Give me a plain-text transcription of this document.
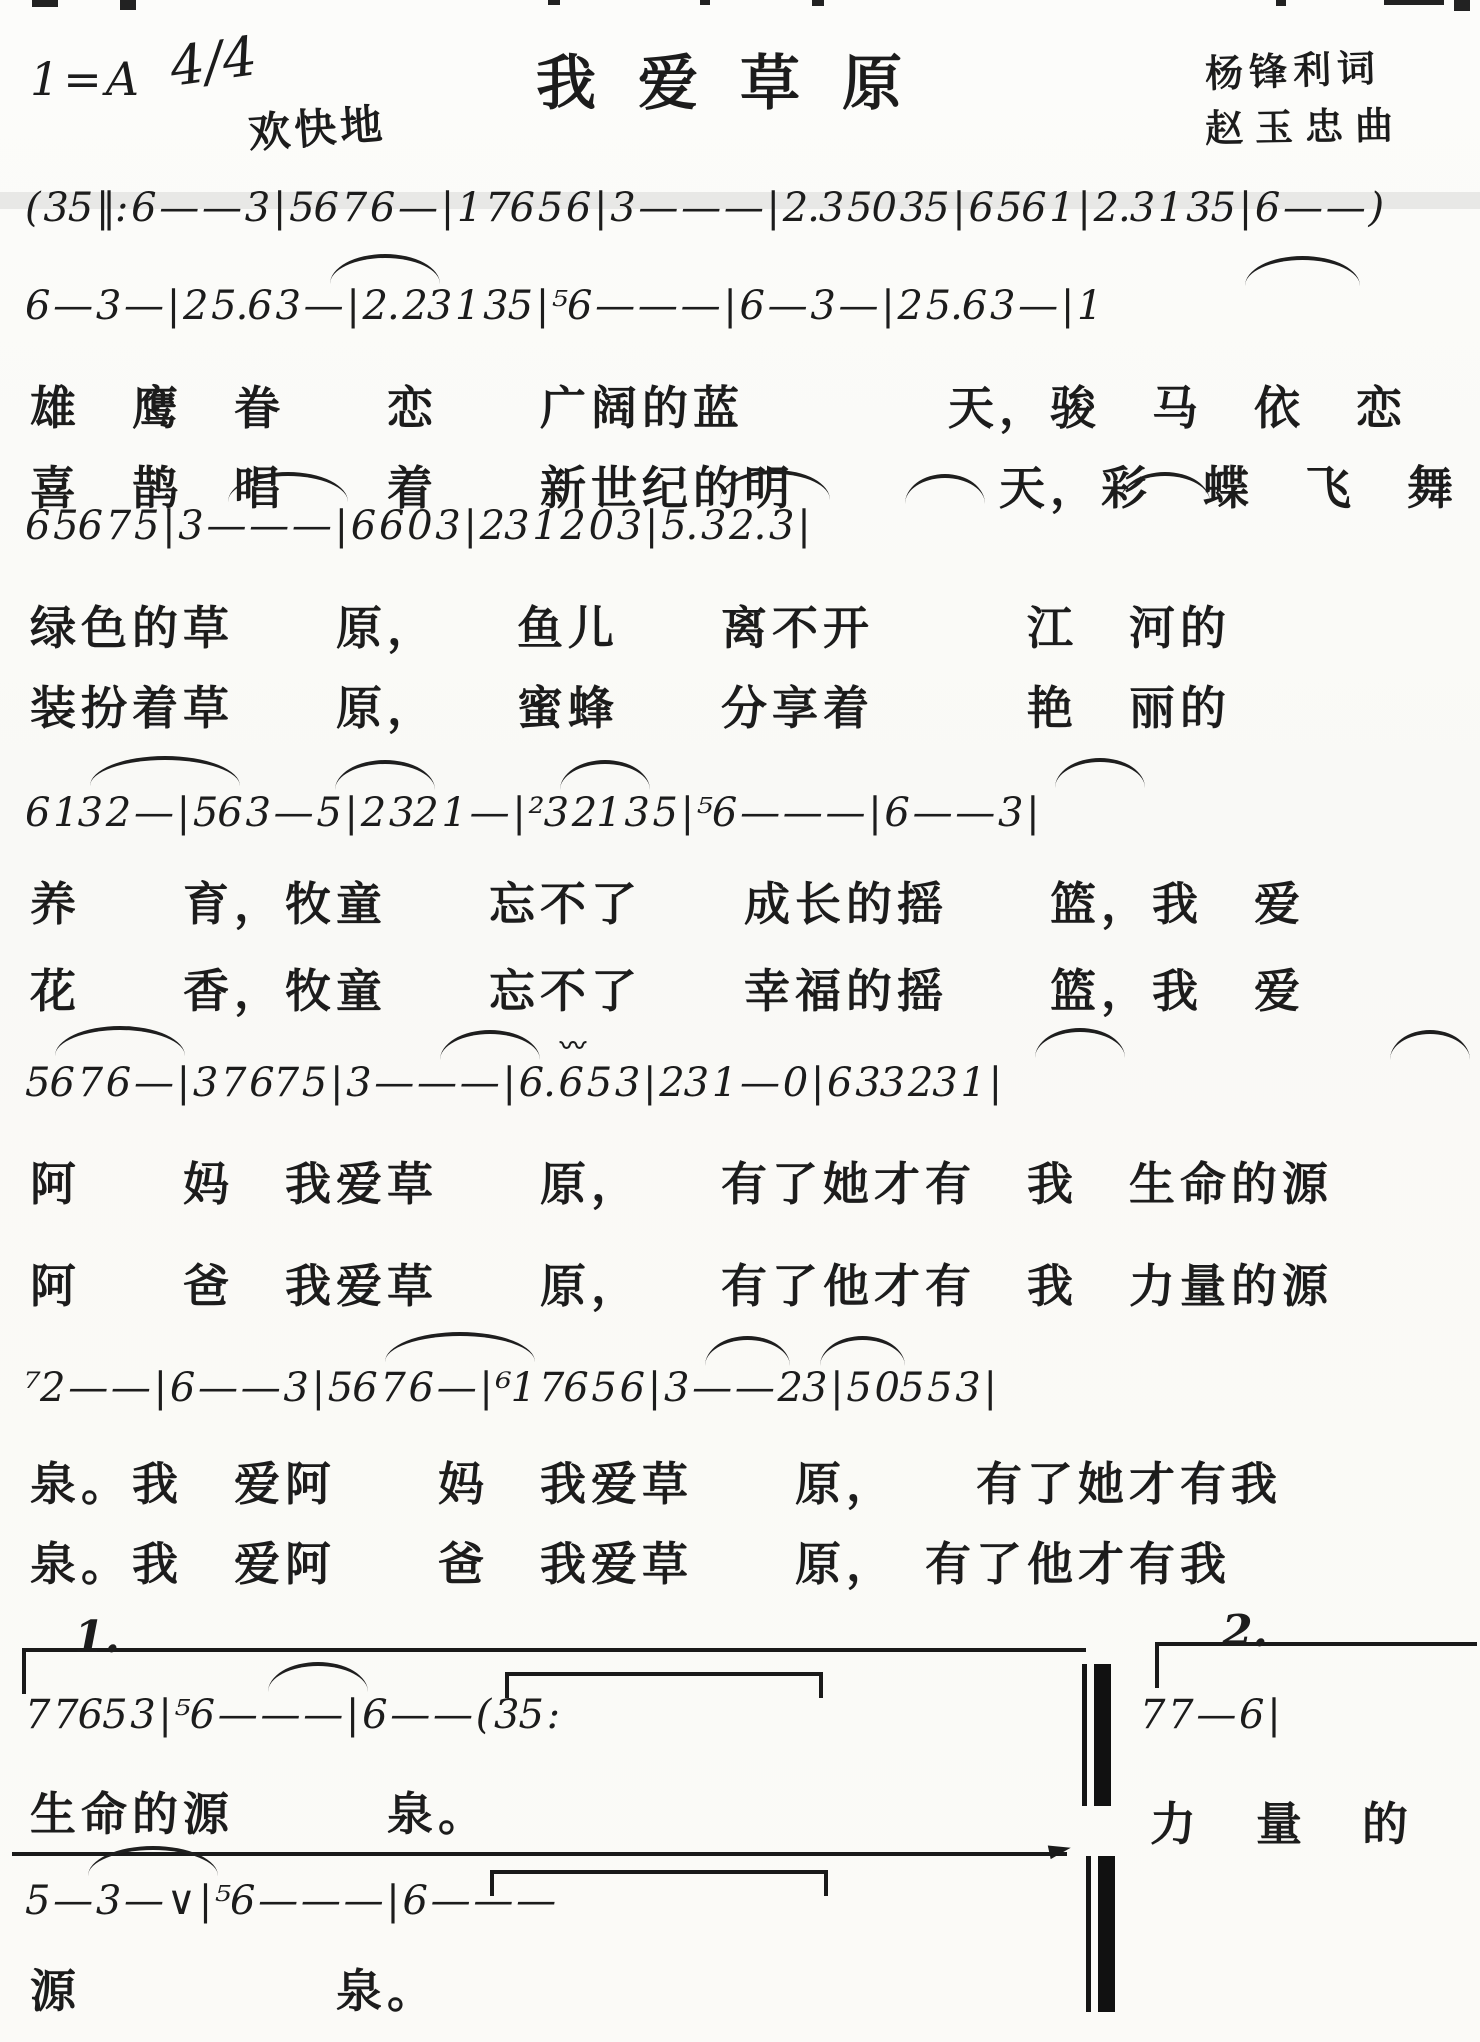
1=A 4/4
欢快地
我爱草原	杨锋利词
赵玉忠曲
( 35 ‖: 6 — — 3 | 56 7 6 — | 1 76 5 6 | 3 — — — | 2.3 50 35 | 6 56 1 | 2.3 1 35 | 6 — — )
6 — 3 — | 2 5.6 3 — | 2. 23 1 35 | ⁵6 — — — | 6 — 3 — | 2 5.6 3 — | 1
雄　鹰　眷　　恋　　广阔的蓝　　　　天，骏　马　依　恋
喜　鹊　唱　　着　　新世纪的明　　　　天，彩　蝶　飞　舞
6 56 7 5 | 3 — — — | 6 6 0 3 | 23 1 2 0 3 | 5. 3 2. 3 |
绿色的草　　原，　　鱼儿　　离不开　　　江　河的
装扮着草　　原，　　蜜蜂　　分享着　　　艳　丽的
6 13 2 — | 56 3 — 5 | 2 32 1 — | ²3 21 3 5 | ⁵6 — — — | 6 — — 3 |
养　　育，牧童　　忘不了　　成长的摇　　篮，我　爱
花　　香，牧童　　忘不了　　幸福的摇　　篮，我　爱
〰
56 7 6 — | 3 7 67 5 | 3 — — — | 6. 6 5 3 | 23 1 — 0 | 6 33 23 1 |
阿　　妈　我爱草　　原，　　有了她才有　我　生命的源
阿　　爸　我爱草　　原，　　有了他才有　我　力量的源
⁷2 — — | 6 — — 3 | 56 7 6 — | ⁶1 76 5 6 | 3 — — 23 | 5 05 5 3 |
泉。我　爱阿　　妈　我爱草　　原，　　有了她才有我
泉。我　爱阿　　爸　我爱草　　原，　有了他才有我
1.	2.
7 765 3 | ⁵6 — — — | 6 — — ( 35 :	7 7 — 6 |
生命的源　　　泉。	力量的
5 — 3 — ∨ | ⁵6 — — — | 6 — — —
源　　　　　泉。
